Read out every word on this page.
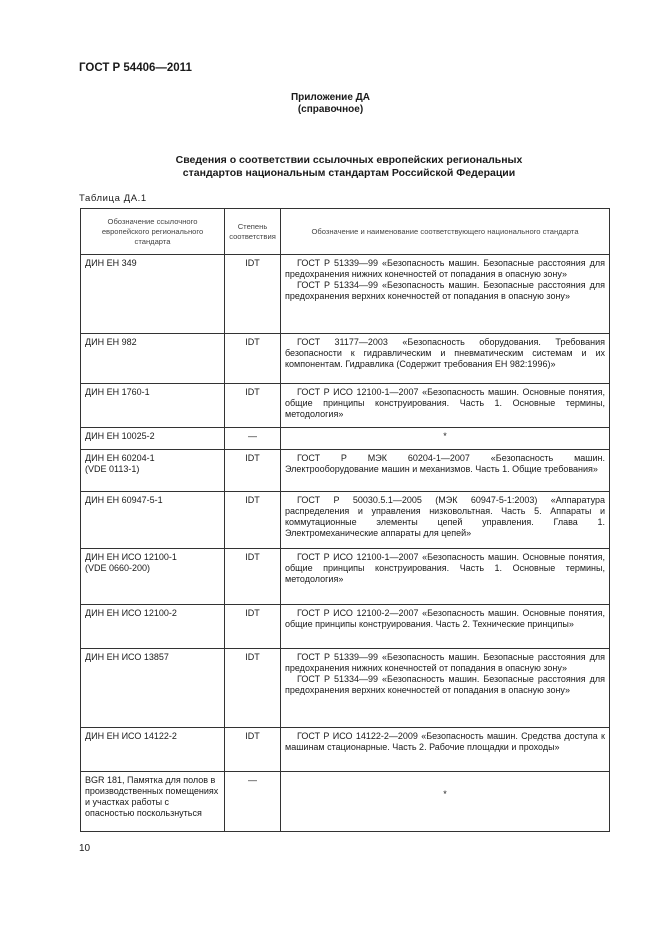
ГОСТ Р 54406—2011
Приложение ДА
(справочное)
Сведения о соответствии ссылочных европейских региональных
стандартов национальным стандартам Российской Федерации
Таблица ДА.1
Обозначение ссылочного европейского регионального стандарта	Степень соответствия	Обозначение и наименование соответствующего национального стандарта

ДИН ЕН 349	IDT	ГОСТ Р 51339—99 «Безопасность машин. Безопасные расстояния для предохранения нижних конечностей от попадания в опасную зону»
ГОСТ Р 51334—99 «Безопасность машин. Безопасные расстояния для предохранения верхних конечностей от попадания в опасную зону»

ДИН ЕН 982	IDT	ГОСТ 31177—2003 «Безопасность оборудования. Требования безопасности к гидравлическим и пневматическим системам и их компонентам. Гидравлика (Содержит требования ЕН 982:1996)»

ДИН ЕН 1760-1	IDT	ГОСТ Р ИСО 12100-1—2007 «Безопасность машин. Основные понятия, общие принципы конструирования. Часть 1. Основные термины, методология»

ДИН ЕН 10025-2	—	*

ДИН ЕН 60204-1
(VDE 0113-1)	IDT	ГОСТ Р МЭК 60204-1—2007 «Безопасность машин. Электрооборудование машин и механизмов. Часть 1. Общие требования»

ДИН ЕН 60947-5-1	IDT	ГОСТ Р 50030.5.1—2005 (МЭК 60947-5-1:2003) «Аппаратура распределения и управления низковольтная. Часть 5. Аппараты и коммутационные элементы цепей управления. Глава 1. Электромеханические аппараты для цепей»

ДИН ЕН ИСО 12100-1
(VDE 0660-200)	IDT	ГОСТ Р ИСО 12100-1—2007 «Безопасность машин. Основные понятия, общие принципы конструирования. Часть 1. Основные термины, методология»

ДИН ЕН ИСО 12100-2	IDT	ГОСТ Р ИСО 12100-2—2007 «Безопасность машин. Основные понятия, общие принципы конструирования. Часть 2. Технические принципы»

ДИН ЕН ИСО 13857	IDT	ГОСТ Р 51339—99 «Безопасность машин. Безопасные расстояния для предохранения нижних конечностей от попадания в опасную зону»
ГОСТ Р 51334—99 «Безопасность машин. Безопасные расстояния для предохранения верхних конечностей от попадания в опасную зону»

ДИН ЕН ИСО 14122-2	IDT	ГОСТ Р ИСО 14122-2—2009 «Безопасность машин. Средства доступа к машинам стационарные. Часть 2. Рабочие площадки и проходы»

BGR 181, Памятка для полов в производственных помещениях и участках работы с опасностью поскользнуться	—	*
10
